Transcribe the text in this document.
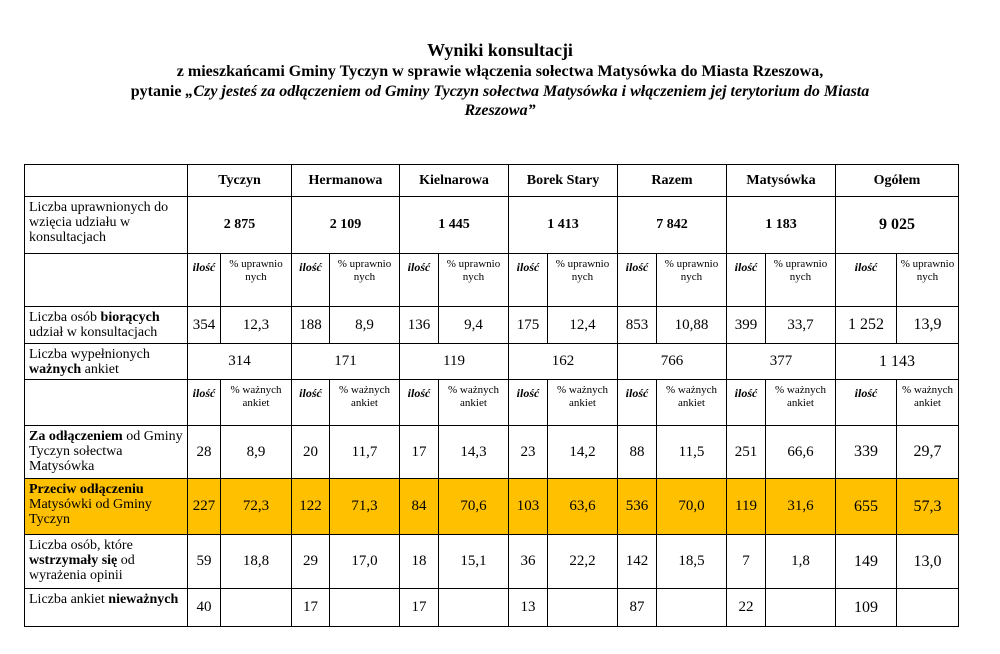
Wyniki konsultacji
z mieszkańcami Gminy Tyczyn w sprawie włączenia sołectwa Matysówka do Miasta Rzeszowa,
pytanie „Czy jesteś za odłączeniem od Gminy Tyczyn sołectwa Matysówka i włączeniem jej terytorium do Miasta
Rzeszowa”
	Tyczyn		Hermanowa		Kielnarowa		Borek Stary		Razem		Matysówka		Ogółem	
Liczba uprawnionych do wzięcia udziału w konsultacjach	2 875		2 109		1 445		1 413		7 842		1 183		9 025	
	ilość	% uprawnio nych	ilość	% uprawnio nych	ilość	% uprawnio nych	ilość	% uprawnio nych	ilość	% uprawnio nych	ilość	% uprawnio nych	ilość	% uprawnio nych
Liczba osób biorących udział w konsultacjach	354	12,3	188	8,9	136	9,4	175	12,4	853	10,88	399	33,7	1 252	13,9
Liczba wypełnionych ważnych ankiet	314		171		119		162		766		377		1 143	
	ilość	% ważnych ankiet	ilość	% ważnych ankiet	ilość	% ważnych ankiet	ilość	% ważnych ankiet	ilość	% ważnych ankiet	ilość	% ważnych ankiet	ilość	% ważnych ankiet
Za odłączeniem od Gminy Tyczyn sołectwa Matysówka	28	8,9	20	11,7	17	14,3	23	14,2	88	11,5	251	66,6	339	29,7
Przeciw odłączeniu Matysówki od Gminy Tyczyn	227	72,3	122	71,3	84	70,6	103	63,6	536	70,0	119	31,6	655	57,3
Liczba osób, które wstrzymały się od wyrażenia opinii	59	18,8	29	17,0	18	15,1	36	22,2	142	18,5	7	1,8	149	13,0
Liczba ankiet nieważnych	40		17		17		13		87		22		109	
